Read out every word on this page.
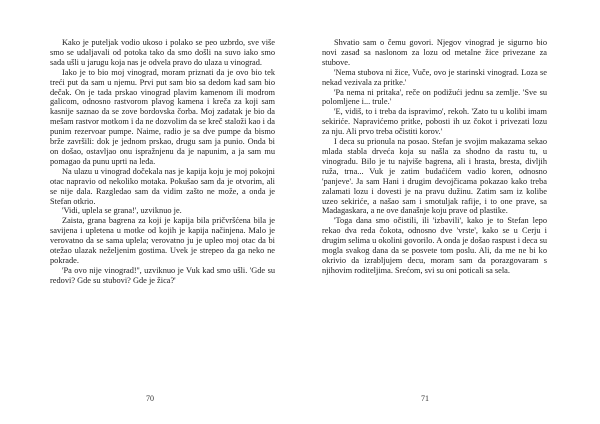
Kako je puteljak vodio ukoso i polako se peo uzbrdo, sve više smo se udaljavali od potoka tako da smo došli na suvo iako smo sada ušli u jarugu koja nas je odvela pravo do ulaza u vinograd.

Iako je to bio moj vinograd, moram priznati da je ovo bio tek treći put da sam u njemu. Prvi put sam bio sa dedom kad sam bio dečak. On je tada prskao vinograd plavim kamenom ili modrom galicom, odnosno rastvorom plavog kamena i kreča za koji sam kasnije saznao da se zove bordovska čorba. Moj zadatak je bio da mešam rastvor motkom i da ne dozvolim da se kreč staloži kao i da punim rezervoar pumpe. Naime, radio je sa dve pumpe da bismo brže završili: dok je jednom prskao, drugu sam ja punio. Onda bi on došao, ostavljao onu ispražnjenu da je napunim, a ja sam mu pomagao da punu uprti na leđa.

Na ulazu u vinograd dočekala nas je kapija koju je moj pokojni otac napravio od nekoliko motaka. Pokušao sam da je otvorim, ali se nije dala. Razgledao sam da vidim zašto ne može, a onda je Stefan otkrio.

'Vidi, uplela se grana!', uzviknuo je.

Zaista, grana bagrena za koji je kapija bila pričvršćena bila je savijena i upletena u motke od kojih je kapija načinjena. Malo je verovatno da se sama uplela; verovatno ju je upleo moj otac da bi otežao ulazak neželjenim gostima. Uvek je strepeo da ga neko ne pokrade.

'Pa ovo nije vinograd!'', uzviknuo je Vuk kad smo ušli. 'Gde su redovi? Gde su stubovi? Gde je žica?'

70

Shvatio sam o čemu govori. Njegov vinograd je sigurno bio novi zasađ sa naslonom za lozu od metalne žice privezane za stubove.

'Nema stubova ni žice, Vuče, ovo je starinski vinograd. Loza se nekad vezivala za pritke.'

'Pa nema ni pritaka', reče on podižući jednu sa zemlje. 'Sve su polomljene i... trule.'

'E, vidiš, to i treba da ispravimo', rekoh. 'Zato tu u kolibi imam sekiriće. Napravićemo pritke, pobosti ih uz čokot i privezati lozu za nju. Ali prvo treba očistiti korov.'

I deca su prionula na posao. Stefan je svojim makazama sekao mlada stabla drveća koja su našla za shodno da rastu tu, u vinogradu. Bilo je tu najviše bagrena, ali i hrasta, bresta, divljih ruža, trna... Vuk je zatim budaćićem vadio koren, odnosno 'panjeve'. Ja sam Hani i drugim devojčicama pokazao kako treba zalamati lozu i dovesti je na pravu dužinu. Zatim sam iz kolibe uzeo sekiriće, a našao sam i smotuljak rafije, i to one prave, sa Madagaskara, a ne ove današnje koju prave od plastike.

'Toga dana smo očistili, ili 'izbavili', kako je to Stefan lepo rekao dva reda čokota, odnosno dve 'vrste', kako se u Cerju i drugim selima u okolini govorilo. A onda je došao raspust i deca su mogla svakog dana da se posvete tom poslu. Ali, da me ne bi ko okrivio da izrabljujem decu, moram sam da porazgovaram s njihovim roditeljima. Srećom, svi su oni poticali sa sela.

71
